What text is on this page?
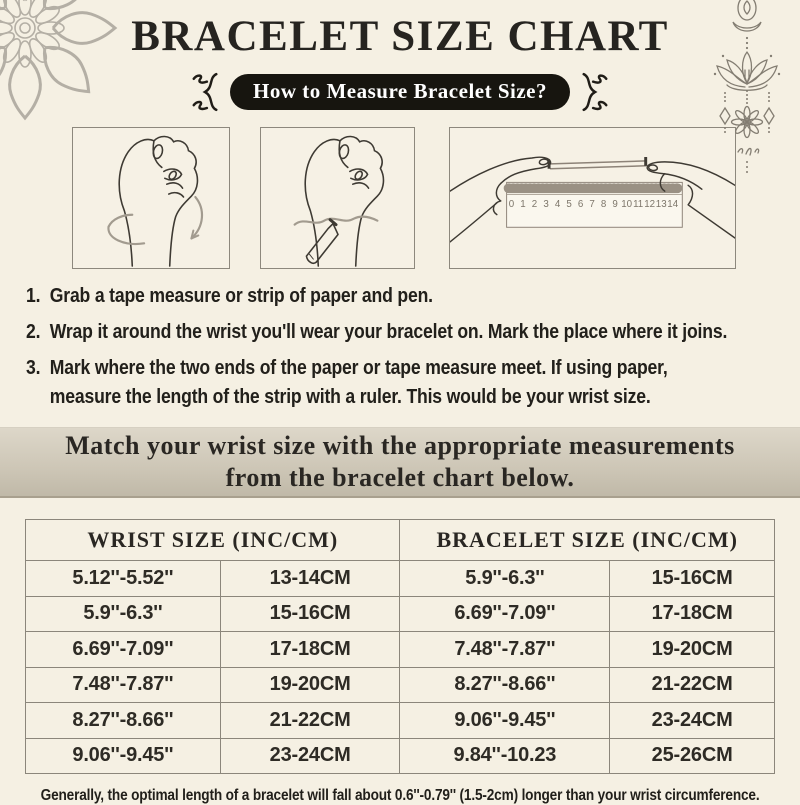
BRACELET SIZE CHART
How to Measure Bracelet Size?
0 1 2 3 4 5 6 7 8 9 10 11 12 13 14
1. Grab a tape measure or strip of paper and pen.
2. Wrap it around the wrist you'll wear your bracelet on. Mark the place where it joins.
3. Mark where the two ends of the paper or tape measure meet. If using paper, measure the length of the strip with a ruler. This would be your wrist size.
Match your wrist size with the appropriate measurements
from the bracelet chart below.
WRIST SIZE (INC/CM)		BRACELET SIZE (INC/CM)	
5.12''-5.52''	13-14CM	5.9''-6.3''	15-16CM
5.9''-6.3''	15-16CM	6.69''-7.09''	17-18CM
6.69''-7.09''	17-18CM	7.48''-7.87''	19-20CM
7.48''-7.87''	19-20CM	8.27''-8.66''	21-22CM
8.27''-8.66''	21-22CM	9.06''-9.45''	23-24CM
9.06''-9.45''	23-24CM	9.84''-10.23	25-26CM

Generally, the optimal length of a bracelet will fall about 0.6''-0.79'' (1.5-2cm) longer than your wrist circumference.
